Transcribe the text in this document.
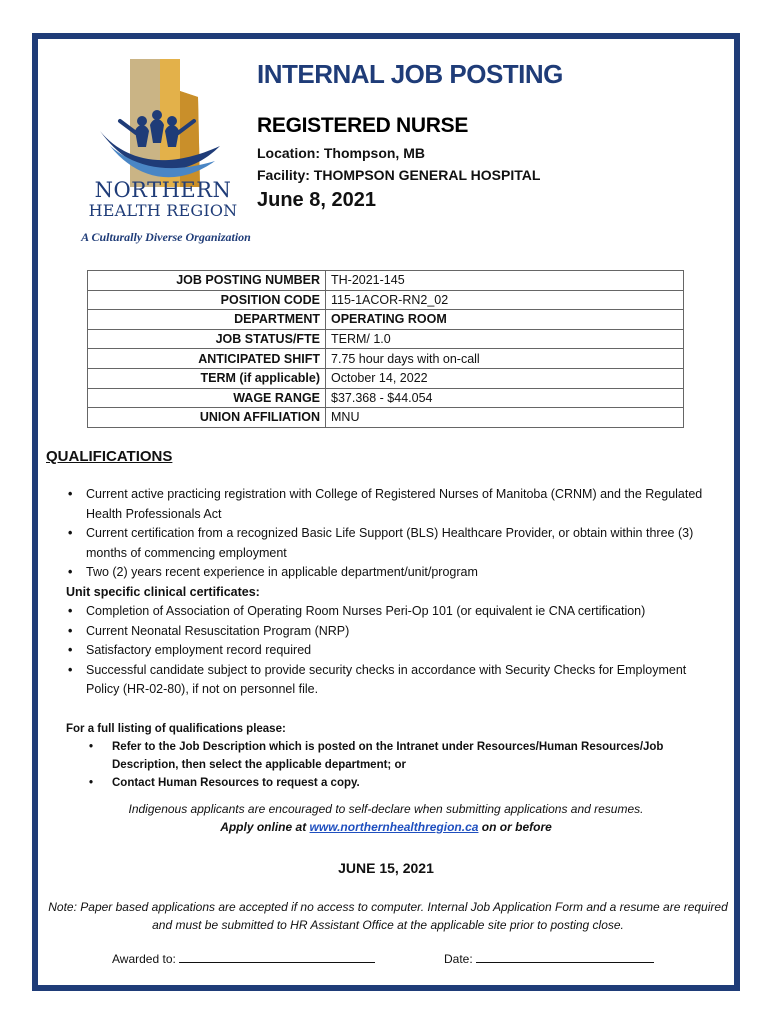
NORTHERN
HEALTH REGION
A Culturally Diverse Organization
INTERNAL JOB POSTING
REGISTERED NURSE
Location: Thompson, MB
Facility: THOMPSON GENERAL HOSPITAL
June 8, 2021
JOB POSTING NUMBER	TH-2021-145
POSITION CODE	115-1ACOR-RN2_02
DEPARTMENT	OPERATING ROOM
JOB STATUS/FTE	TERM/ 1.0
ANTICIPATED SHIFT	7.75 hour days with on-call
TERM (if applicable)	October 14, 2022
WAGE RANGE	$37.368 - $44.054
UNION AFFILIATION	MNU
QUALIFICATIONS
• Current active practicing registration with College of Registered Nurses of Manitoba (CRNM) and the Regulated Health Professionals Act
• Current certification from a recognized Basic Life Support (BLS) Healthcare Provider, or obtain within three (3) months of commencing employment
• Two (2) years recent experience in applicable department/unit/program
Unit specific clinical certificates:
• Completion of Association of Operating Room Nurses Peri-Op 101 (or equivalent ie CNA certification)
• Current Neonatal Resuscitation Program (NRP)
• Satisfactory employment record required
• Successful candidate subject to provide security checks in accordance with Security Checks for Employment Policy (HR-02-80), if not on personnel file.
For a full listing of qualifications please:
• Refer to the Job Description which is posted on the Intranet under Resources/Human Resources/Job Description, then select the applicable department; or
• Contact Human Resources to request a copy.
Indigenous applicants are encouraged to self-declare when submitting applications and resumes.
Apply online at www.northernhealthregion.ca on or before
JUNE 15, 2021
Note: Paper based applications are accepted if no access to computer. Internal Job Application Form and a resume are required and must be submitted to HR Assistant Office at the applicable site prior to posting close.
Awarded to:	Date:
